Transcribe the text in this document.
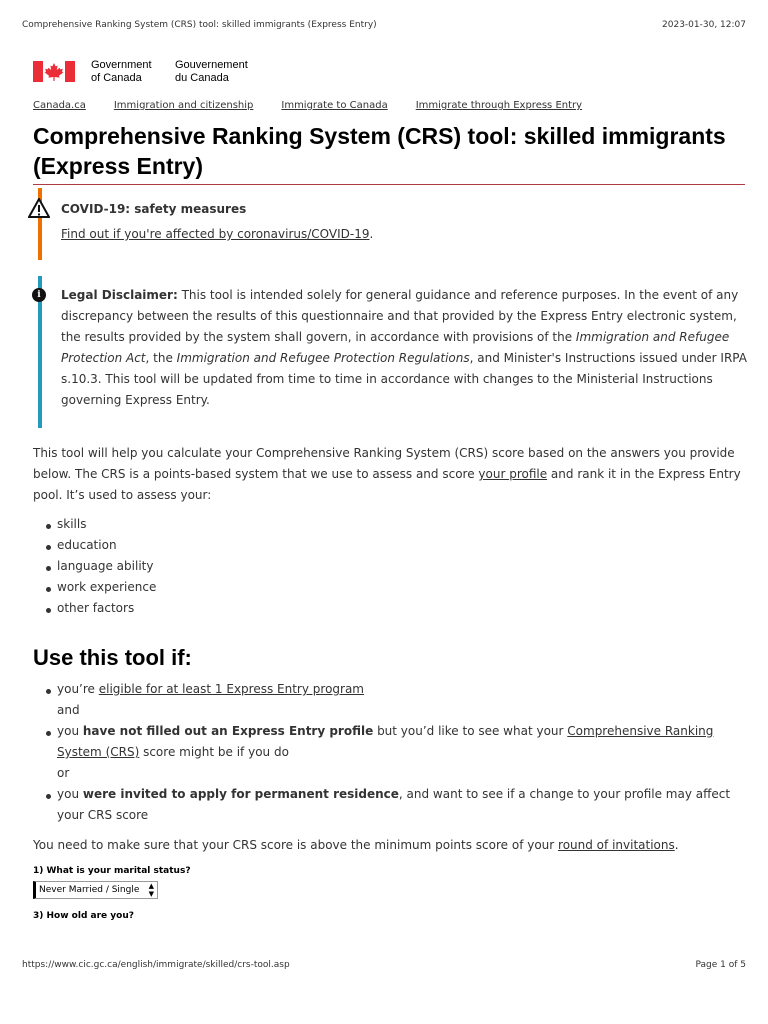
Comprehensive Ranking System (CRS) tool: skilled immigrants (Express Entry)	2023-01-30, 12:07
Government
of Canada
Gouvernement
du Canada
Canada.ca	Immigration and citizenship	Immigrate to Canada	Immigrate through Express Entry
Comprehensive Ranking System (CRS) tool: skilled immigrants (Express Entry)
COVID-19: safety measures
Find out if you're affected by coronavirus/COVID-19.
i	Legal Disclaimer: This tool is intended solely for general guidance and reference purposes. In the event of any discrepancy between the results of this questionnaire and that provided by the Express Entry electronic system, the results provided by the system shall govern, in accordance with provisions of the Immigration and Refugee Protection Act, the Immigration and Refugee Protection Regulations, and Minister's Instructions issued under IRPA s.10.3. This tool will be updated from time to time in accordance with changes to the Ministerial Instructions governing Express Entry.
This tool will help you calculate your Comprehensive Ranking System (CRS) score based on the answers you provide below. The CRS is a points-based system that we use to assess and score your profile and rank it in the Express Entry pool. It’s used to assess your:
skills
education
language ability
work experience
other factors
Use this tool if:
you’re eligible for at least 1 Express Entry program
and
you have not filled out an Express Entry profile but you’d like to see what your Comprehensive Ranking System (CRS) score might be if you do
or
you were invited to apply for permanent residence, and want to see if a change to your profile may affect your CRS score
You need to make sure that your CRS score is above the minimum points score of your round of invitations.
1) What is your marital status?
Never Married / Single ▲
▼
3) How old are you?
https://www.cic.gc.ca/english/immigrate/skilled/crs-tool.asp	Page 1 of 5
